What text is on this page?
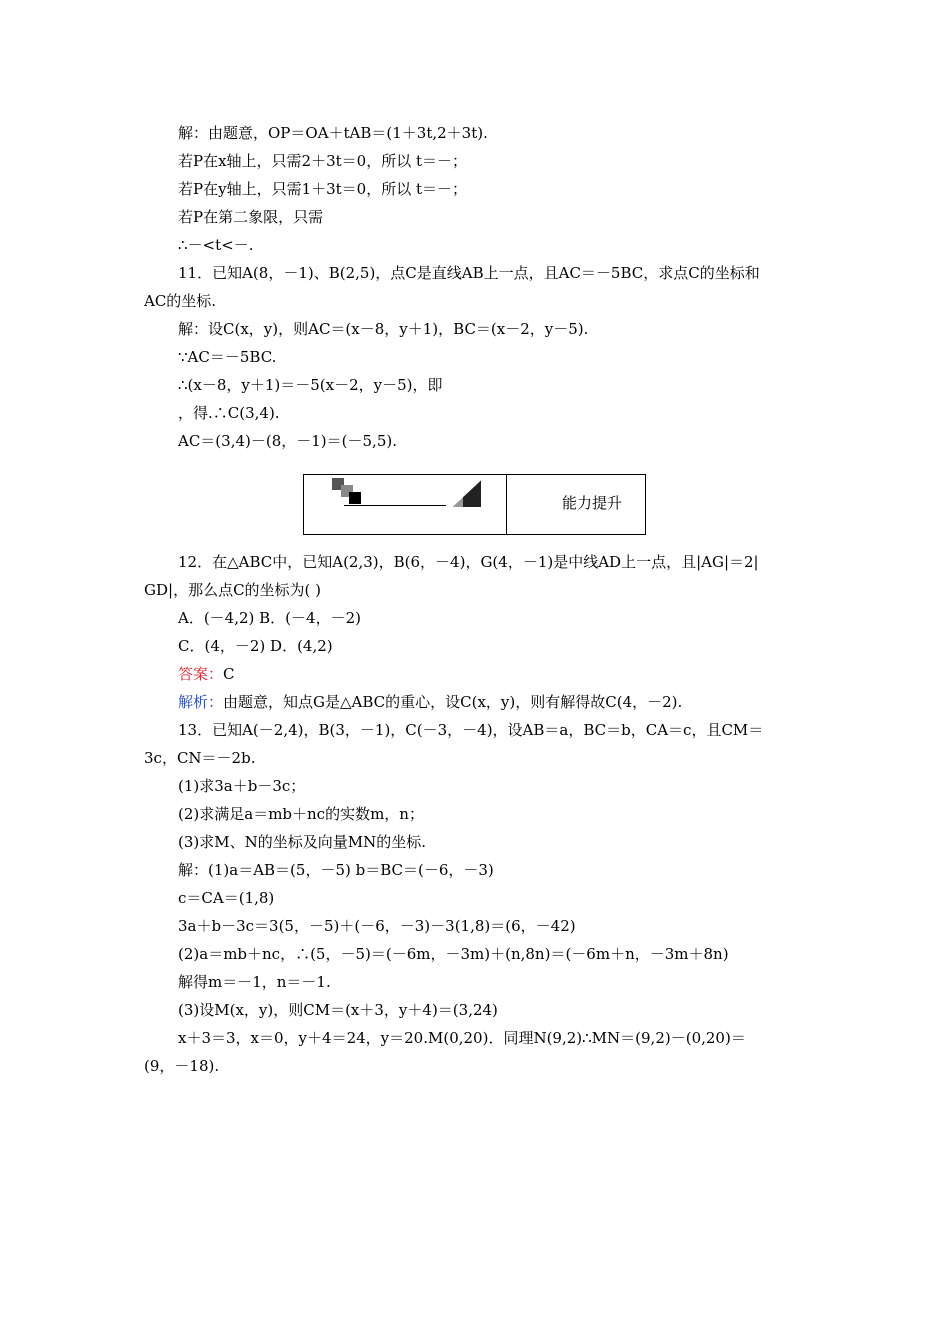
解：由题意，OP＝OA＋tAB＝(1＋3t,2＋3t).
若P在x轴上，只需2＋3t＝0，所以 t＝－；
若P在y轴上，只需1＋3t＝0，所以 t＝－；
若P在第二象限，只需
∴－<t<－.
11．已知A(8，－1)、B(2,5)，点C是直线AB上一点，且AC＝－5BC，求点C的坐标和
AC的坐标.
解：设C(x，y)，则AC＝(x－8，y＋1)，BC＝(x－2，y－5).
∵AC＝－5BC.
∴(x－8，y＋1)＝－5(x－2，y－5)，即
，得.∴C(3,4).
AC＝(3,4)－(8，－1)＝(－5,5).
能力提升
12．在△ABC中，已知A(2,3)，B(6，－4)，G(4，－1)是中线AD上一点，且|AG|＝2|
GD|，那么点C的坐标为( )
A．(－4,2) B．(－4，－2)
C．(4，－2) D．(4,2)
答案：C
解析：由题意，知点G是△ABC的重心，设C(x，y)，则有解得故C(4，－2).
13．已知A(－2,4)，B(3，－1)，C(－3，－4)，设AB＝a，BC＝b，CA＝c，且CM＝
3c，CN＝－2b.
(1)求3a＋b－3c；
(2)求满足a＝mb＋nc的实数m，n；
(3)求M、N的坐标及向量MN的坐标.
解：(1)a＝AB＝(5，－5) b＝BC＝(－6，－3)
c＝CA＝(1,8)
3a＋b－3c＝3(5，－5)＋(－6，－3)－3(1,8)＝(6，－42)
(2)a＝mb＋nc，∴(5，－5)＝(－6m，－3m)＋(n,8n)＝(－6m＋n，－3m＋8n)
解得m＝－1，n＝－1.
(3)设M(x，y)，则CM＝(x＋3，y＋4)＝(3,24)
x＋3＝3，x＝0，y＋4＝24，y＝20.M(0,20)．同理N(9,2)∴MN＝(9,2)－(0,20)＝
(9，－18).
